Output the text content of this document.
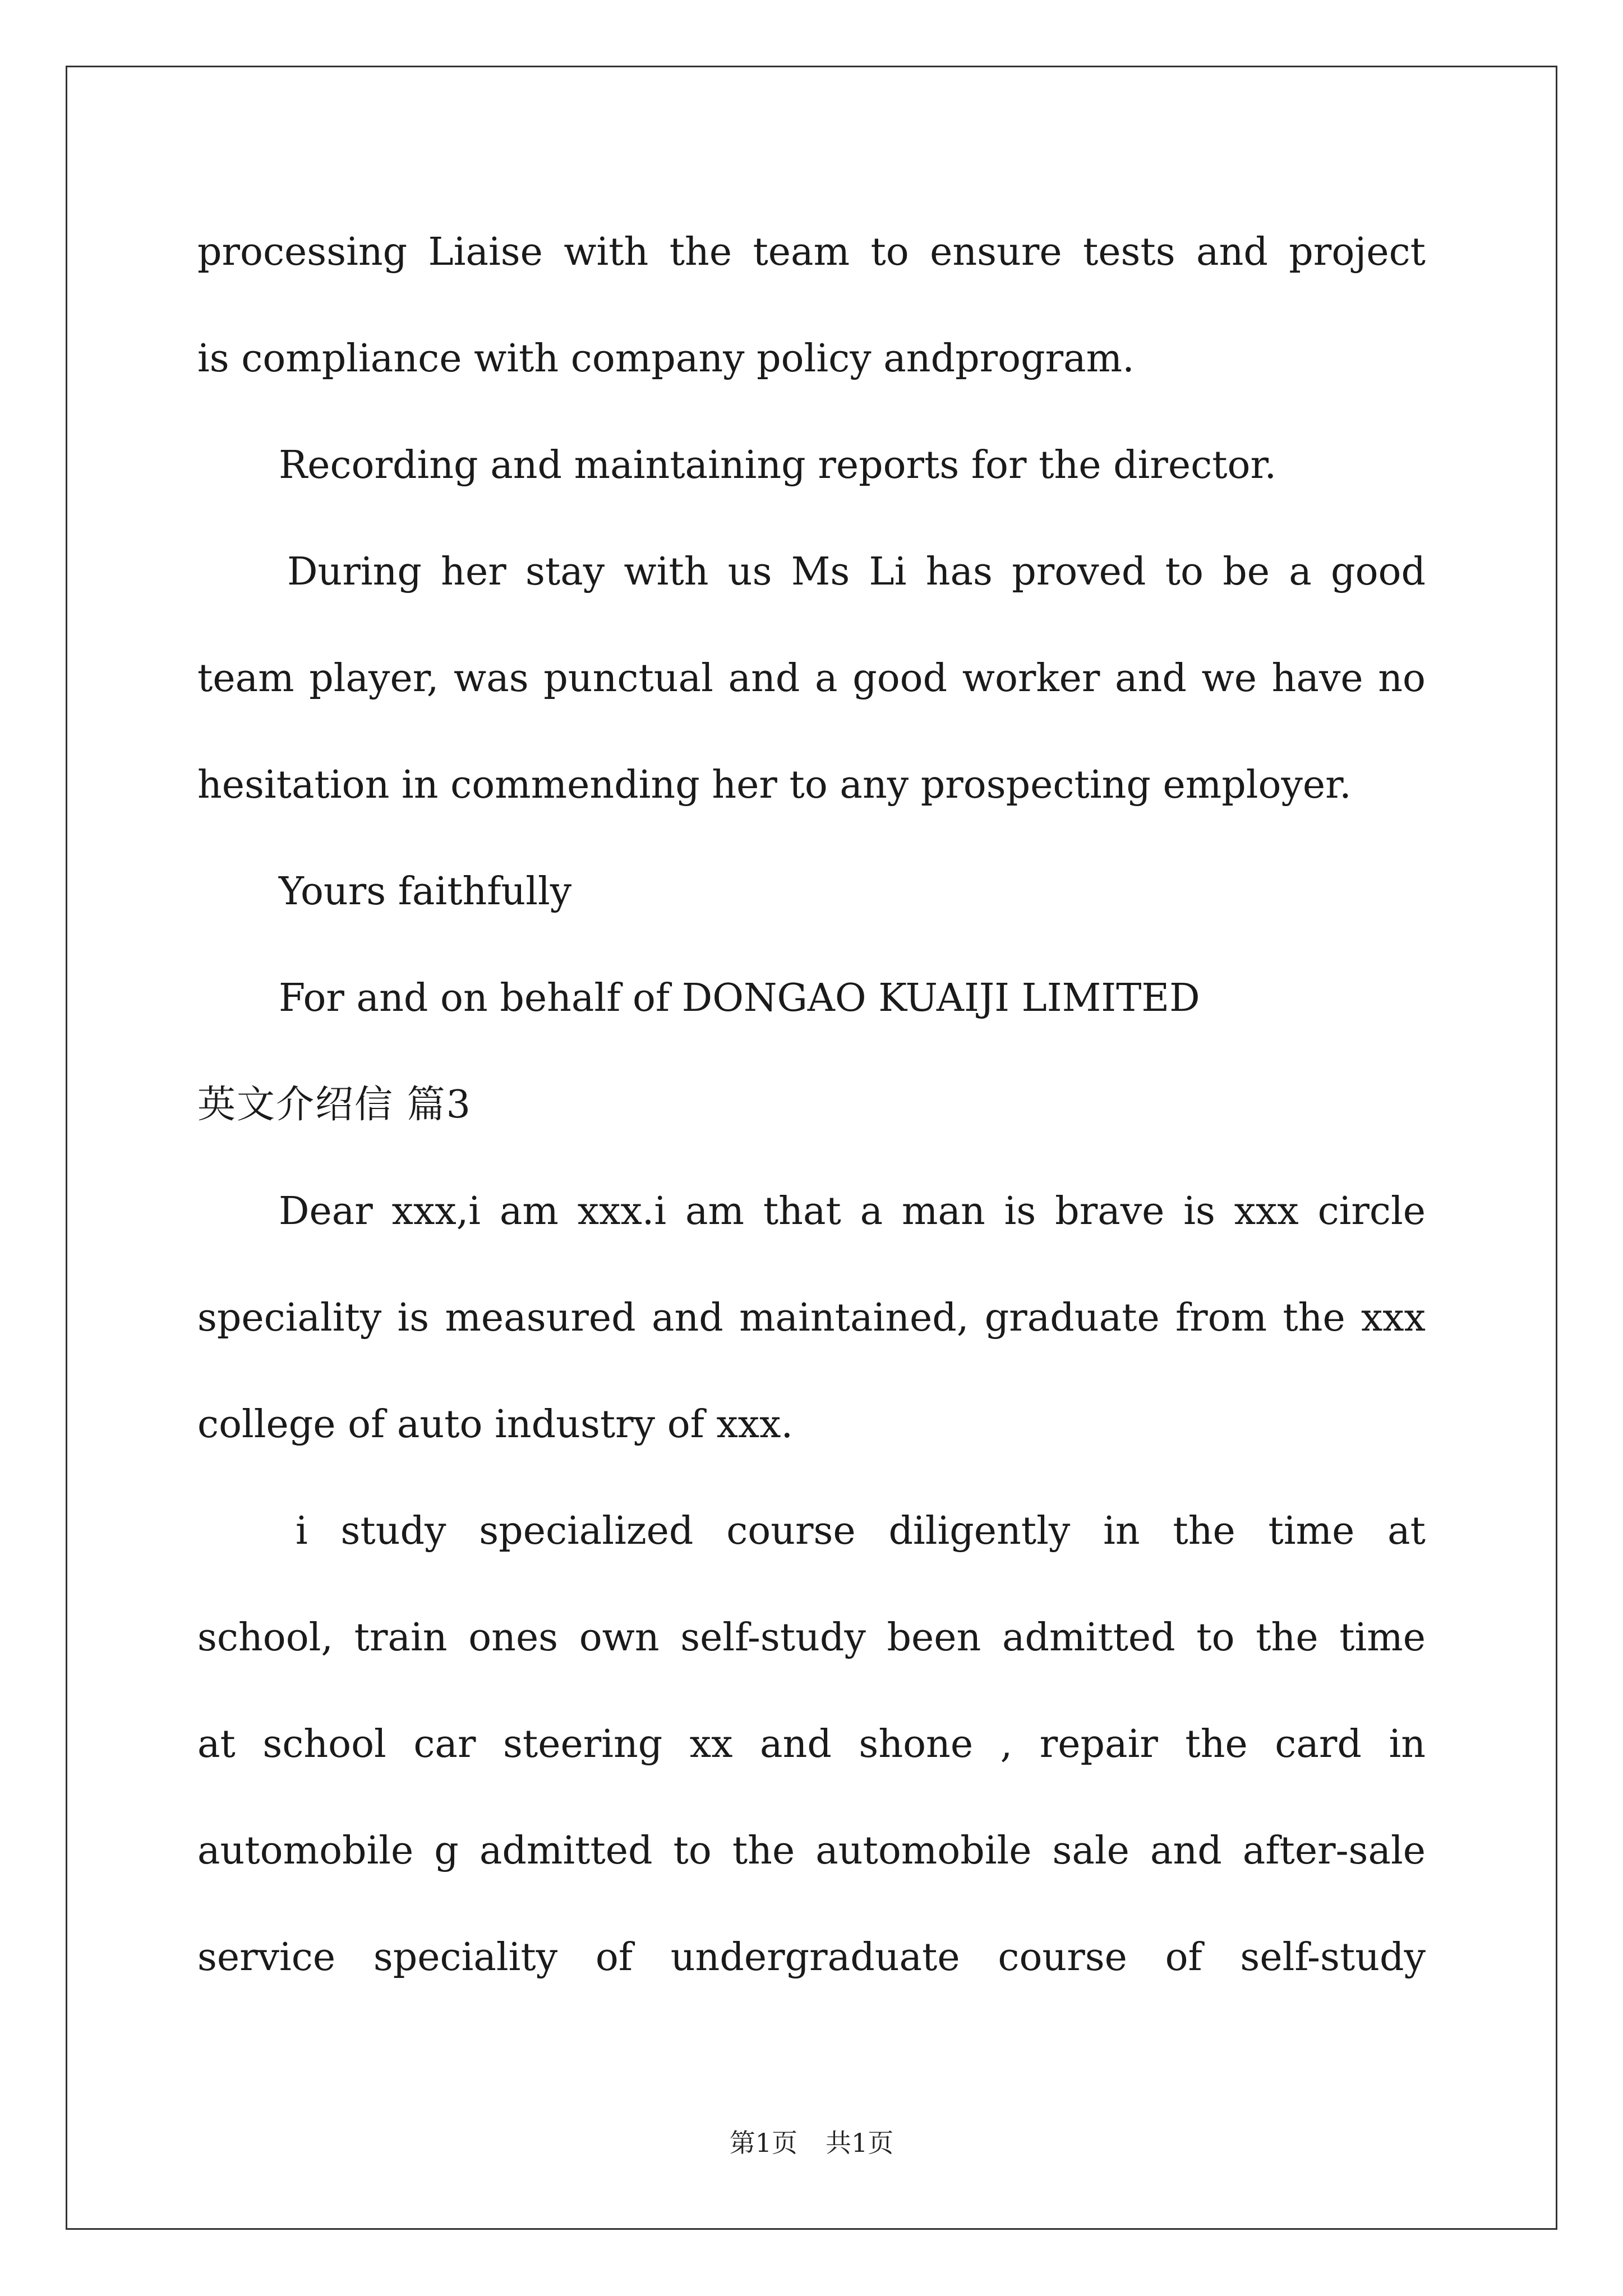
processing Liaise with the team to ensure tests and project
is compliance with company policy andprogram.
Recording and maintaining reports for the director.
During her stay with us Ms Li has proved to be a good
team player, was punctual and a good worker and we have no
hesitation in commending her to any prospecting employer.
Yours faithfully
For and on behalf of DONGAO KUAIJI LIMITED
英文介绍信 篇3
Dear xxx,i am xxx.i am that a man is brave is xxx circle
speciality is measured and maintained, graduate from the xxx
college of auto industry of xxx.
i study specialized course diligently in the time at
school, train ones own self-study been admitted to the time
at school car steering xx and shone , repair the card in
automobile g admitted to the automobile sale and after-sale
service speciality of undergraduate course of self-study
第1页 共1页
